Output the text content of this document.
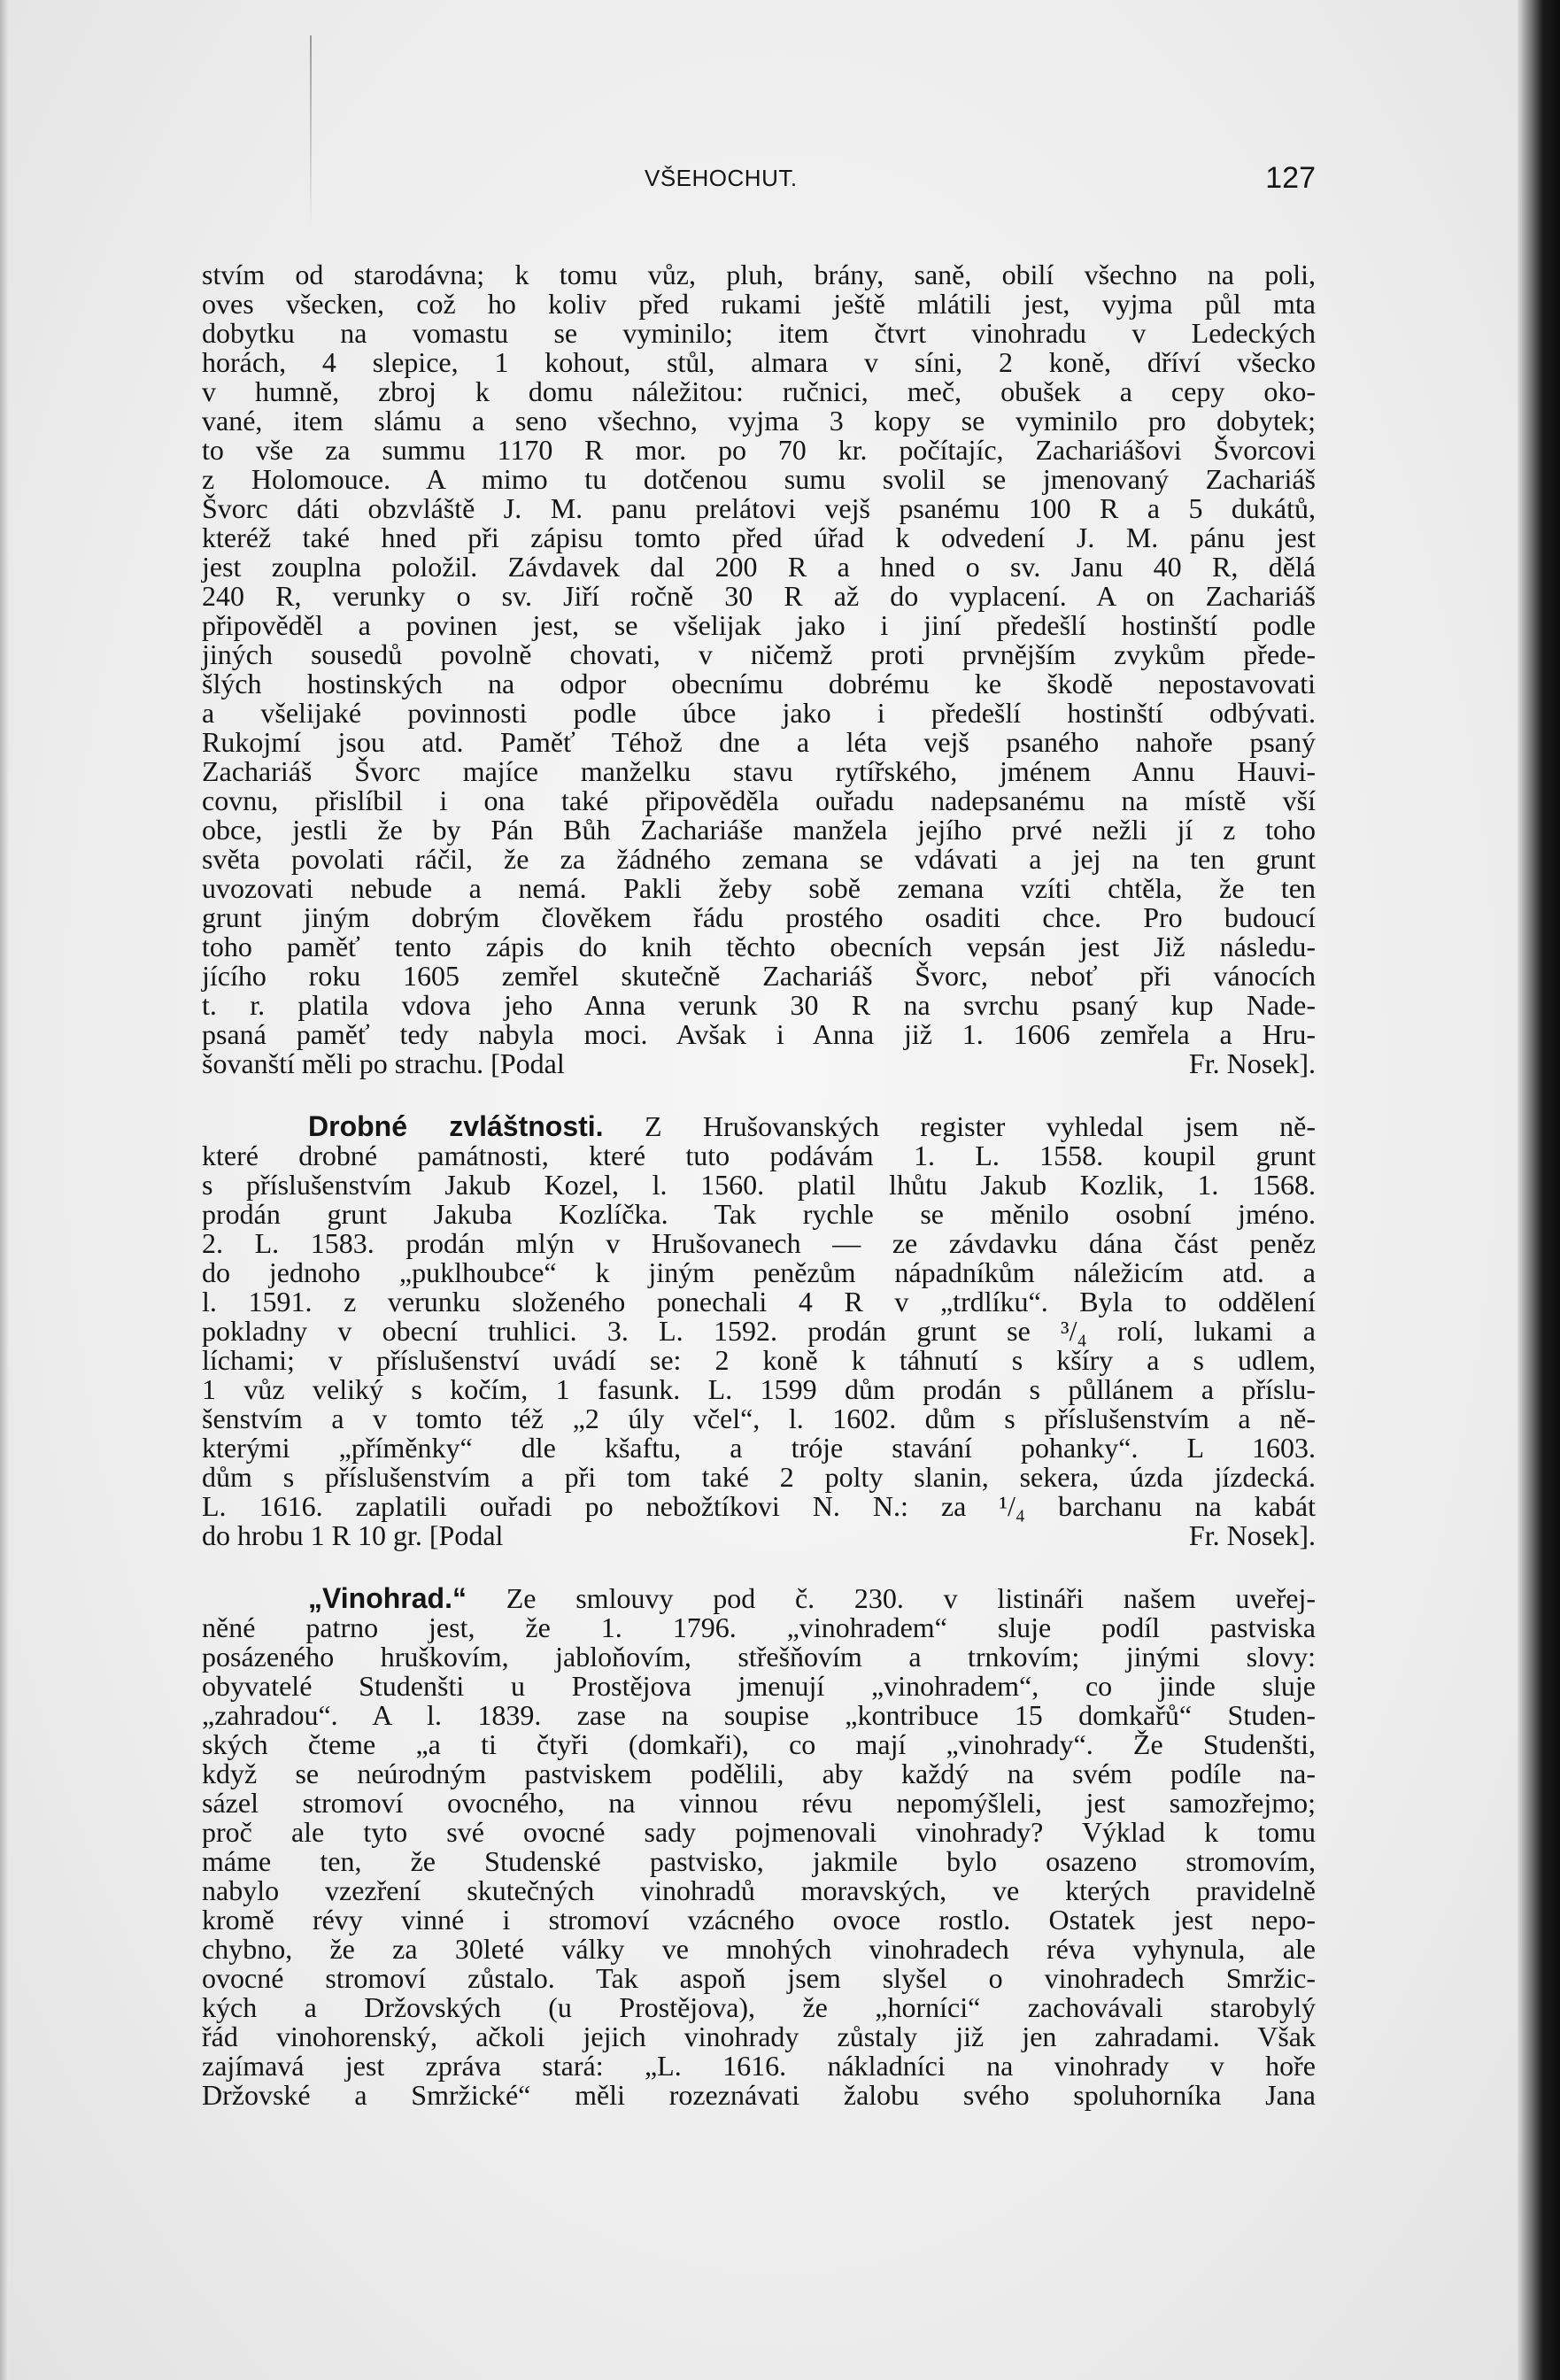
VŠEHOCHUT.	127

stvím od starodávna; k tomu vůz, pluh, brány, saně, obilí všechno na poli,

oves všecken, což ho koliv před rukami ještě mlátili jest, vyjma půl mta

dobytku na vomastu se vyminilo; item čtvrt vinohradu v Ledeckých

horách, 4 slepice, 1 kohout, stůl, almara v síni, 2 koně, dříví všecko

v humně, zbroj k domu náležitou: ručnici, meč, obušek a cepy oko-

vané, item slámu a seno všechno, vyjma 3 kopy se vyminilo pro dobytek;

to vše za summu 1170 R mor. po 70 kr. počítajíc, Zachariášovi Švorcovi

z Holomouce. A mimo tu dotčenou sumu svolil se jmenovaný Zachariáš

Švorc dáti obzvláště J. M. panu prelátovi vejš psanému 100 R a 5 dukátů,

kteréž také hned při zápisu tomto před úřad k odvedení J. M. pánu jest

jest zouplna položil. Závdavek dal 200 R a hned o sv. Janu 40 R, dělá

240 R, verunky o sv. Jiří ročně 30 R až do vyplacení. A on Zachariáš

připověděl a povinen jest, se všelijak jako i jiní předešlí hostinští podle

jiných sousedů povolně chovati, v ničemž proti prvnějším zvykům přede-

šlých hostinských na odpor obecnímu dobrému ke škodě nepostavovati

a všelijaké povinnosti podle úbce jako i předešlí hostinští odbývati.

Rukojmí jsou atd. Paměť Téhož dne a léta vejš psaného nahoře psaný

Zachariáš Švorc majíce manželku stavu rytířského, jménem Annu Hauvi-

covnu, přislíbil i ona také připověděla ouřadu nadepsanému na místě vší

obce, jestli že by Pán Bůh Zachariáše manžela jejího prvé nežli jí z toho

světa povolati ráčil, že za žádného zemana se vdávati a jej na ten grunt

uvozovati nebude a nemá. Pakli žeby sobě zemana vzíti chtěla, že ten

grunt jiným dobrým člověkem řádu prostého osaditi chce. Pro budoucí

toho paměť tento zápis do knih těchto obecních vepsán jest Již následu-

jícího roku 1605 zemřel skutečně Zachariáš Švorc, neboť při vánocích

t. r. platila vdova jeho Anna verunk 30 R na svrchu psaný kup Nade-

psaná paměť tedy nabyla moci. Avšak i Anna již 1. 1606 zemřela a Hru-

šovanští měli po strachu. [Podal	Fr. Nosek].

Drobné zvláštnosti. Z Hrušovanských register vyhledal jsem ně-

které drobné památnosti, které tuto podávám 1. L. 1558. koupil grunt

s příslušenstvím Jakub Kozel, l. 1560. platil lhůtu Jakub Kozlik, 1. 1568.

prodán grunt Jakuba Kozlíčka. Tak rychle se měnilo osobní jméno.

2. L. 1583. prodán mlýn v Hrušovanech — ze závdavku dána část peněz

do jednoho „puklhoubce“ k jiným penězům nápadníkům náležicím atd. a

l. 1591. z verunku složeného ponechali 4 R v „trdlíku“. Byla to oddělení

pokladny v obecní truhlici. 3. L. 1592. prodán grunt se ³/₄ rolí, lukami a

líchami; v příslušenství uvádí se: 2 koně k táhnutí s kšíry a s udlem,

1 vůz veliký s kočím, 1 fasunk. L. 1599 dům prodán s půllánem a příslu-

šenstvím a v tomto též „2 úly včel“, l. 1602. dům s příslušenstvím a ně-

kterými „příměnky“ dle kšaftu, a tróje stavání pohanky“. L 1603.

dům s příslušenstvím a při tom také 2 polty slanin, sekera, úzda jízdecká.

L. 1616. zaplatili ouřadi po nebožtíkovi N. N.: za ¹/₄ barchanu na kabát

do hrobu 1 R 10 gr. [Podal	Fr. Nosek].

„Vinohrad.“ Ze smlouvy pod č. 230. v listináři našem uveřej-

něné patrno jest, že 1. 1796. „vinohradem“ sluje podíl pastviska

posázeného hruškovím, jabloňovím, střešňovím a trnkovím; jinými slovy:

obyvatelé Studenšti u Prostějova jmenují „vinohradem“, co jinde sluje

„zahradou“. A l. 1839. zase na soupise „kontribuce 15 domkařů“ Studen-

ských čteme „a ti čtyři (domkaři), co mají „vinohrady“. Že Studenšti,

když se neúrodným pastviskem podělili, aby každý na svém podíle na-

sázel stromoví ovocného, na vinnou révu nepomýšleli, jest samozřejmo;

proč ale tyto své ovocné sady pojmenovali vinohrady? Výklad k tomu

máme ten, že Studenské pastvisko, jakmile bylo osazeno stromovím,

nabylo vzezření skutečných vinohradů moravských, ve kterých pravidelně

kromě révy vinné i stromoví vzácného ovoce rostlo. Ostatek jest nepo-

chybno, že za 30leté války ve mnohých vinohradech réva vyhynula, ale

ovocné stromoví zůstalo. Tak aspoň jsem slyšel o vinohradech Smržic-

kých a Držovských (u Prostějova), že „horníci“ zachovávali starobylý

řád vinohorenský, ačkoli jejich vinohrady zůstaly již jen zahradami. Však

zajímavá jest zpráva stará: „L. 1616. nákladníci na vinohrady v hoře

Držovské a Smržické“ měli rozeznávati žalobu svého spoluhorníka Jana
